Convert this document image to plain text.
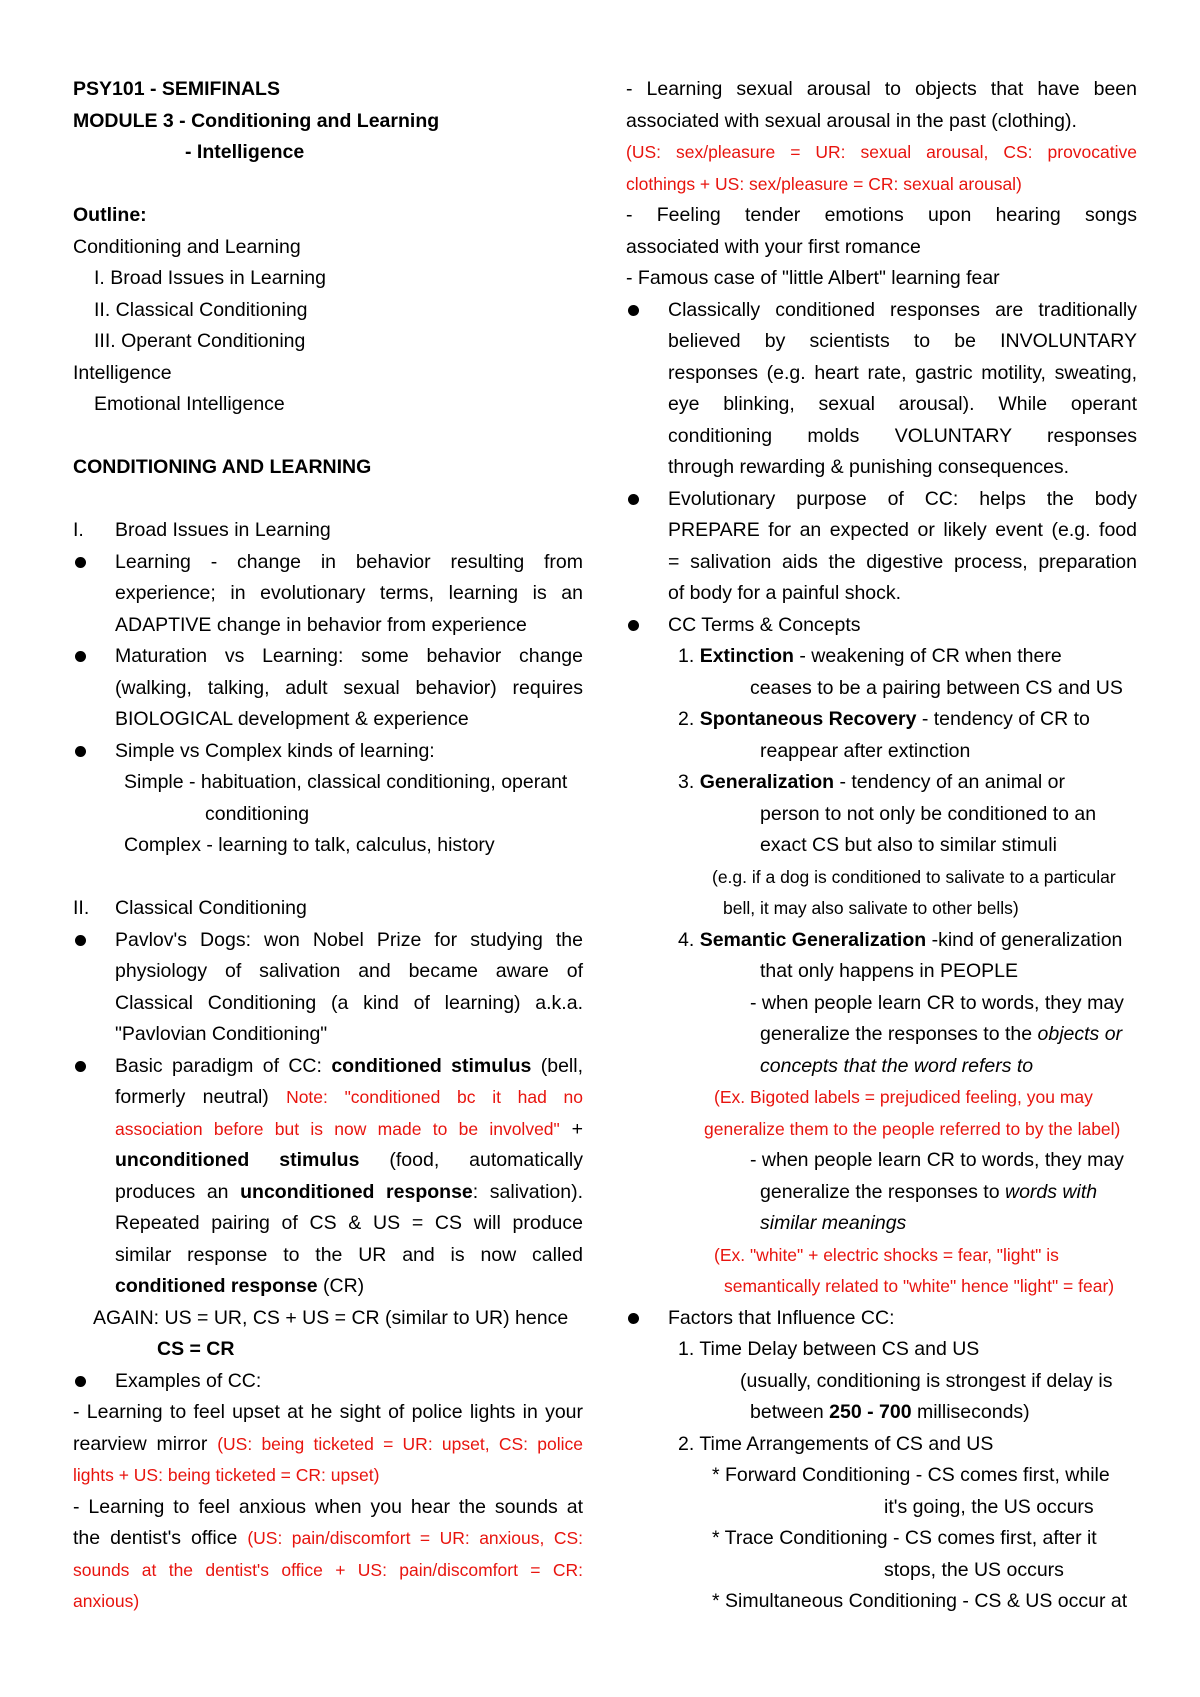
PSY101 - SEMIFINALS
MODULE 3 - Conditioning and Learning
- Intelligence
Outline:
Conditioning and Learning
I. Broad Issues in Learning
II. Classical Conditioning
III. Operant Conditioning
Intelligence
Emotional Intelligence
CONDITIONING AND LEARNING
I.	Broad Issues in Learning
Learning - change in behavior resulting from
experience; in evolutionary terms, learning is an
ADAPTIVE change in behavior from experience
Maturation vs Learning: some behavior change
(walking, talking, adult sexual behavior) requires
BIOLOGICAL development & experience
Simple vs Complex kinds of learning:
Simple - habituation, classical conditioning, operant
conditioning
Complex - learning to talk, calculus, history
II.	Classical Conditioning
Pavlov's Dogs: won Nobel Prize for studying the
physiology of salivation and became aware of
Classical Conditioning (a kind of learning) a.k.a.
"Pavlovian Conditioning"
Basic paradigm of CC: conditioned stimulus (bell,
formerly neutral) Note: "conditioned bc it had no
association before but is now made to be involved" +
unconditioned stimulus (food, automatically
produces an unconditioned response: salivation).
Repeated pairing of CS & US = CS will produce
similar response to the UR and is now called
conditioned response (CR)
AGAIN: US = UR, CS + US = CR (similar to UR) hence
CS = CR
Examples of CC:
- Learning to feel upset at he sight of police lights in your
rearview mirror (US: being ticketed = UR: upset, CS: police
lights + US: being ticketed = CR: upset)
- Learning to feel anxious when you hear the sounds at
the dentist's office (US: pain/discomfort = UR: anxious, CS:
sounds at the dentist's office + US: pain/discomfort = CR:
anxious)
- Learning sexual arousal to objects that have been
associated with sexual arousal in the past (clothing).
(US: sex/pleasure = UR: sexual arousal, CS: provocative
clothings + US: sex/pleasure = CR: sexual arousal)
- Feeling tender emotions upon hearing songs
associated with your first romance
- Famous case of "little Albert" learning fear
Classically conditioned responses are traditionally
believed by scientists to be INVOLUNTARY
responses (e.g. heart rate, gastric motility, sweating,
eye blinking, sexual arousal). While operant
conditioning molds VOLUNTARY responses
through rewarding & punishing consequences.
Evolutionary purpose of CC: helps the body
PREPARE for an expected or likely event (e.g. food
= salivation aids the digestive process, preparation
of body for a painful shock.
CC Terms & Concepts
1. Extinction - weakening of CR when there
ceases to be a pairing between CS and US
2. Spontaneous Recovery - tendency of CR to
reappear after extinction
3. Generalization - tendency of an animal or
person to not only be conditioned to an
exact CS but also to similar stimuli
(e.g. if a dog is conditioned to salivate to a particular
bell, it may also salivate to other bells)
4. Semantic Generalization -kind of generalization
that only happens in PEOPLE
- when people learn CR to words, they may
generalize the responses to the objects or
concepts that the word refers to
(Ex. Bigoted labels = prejudiced feeling, you may
generalize them to the people referred to by the label)
- when people learn CR to words, they may
generalize the responses to words with
similar meanings
(Ex. "white" + electric shocks = fear, "light" is
semantically related to "white" hence "light" = fear)
Factors that Influence CC:
1. Time Delay between CS and US
(usually, conditioning is strongest if delay is
between 250 - 700 milliseconds)
2. Time Arrangements of CS and US
* Forward Conditioning - CS comes first, while
it's going, the US occurs
* Trace Conditioning - CS comes first, after it
stops, the US occurs
* Simultaneous Conditioning - CS & US occur at
